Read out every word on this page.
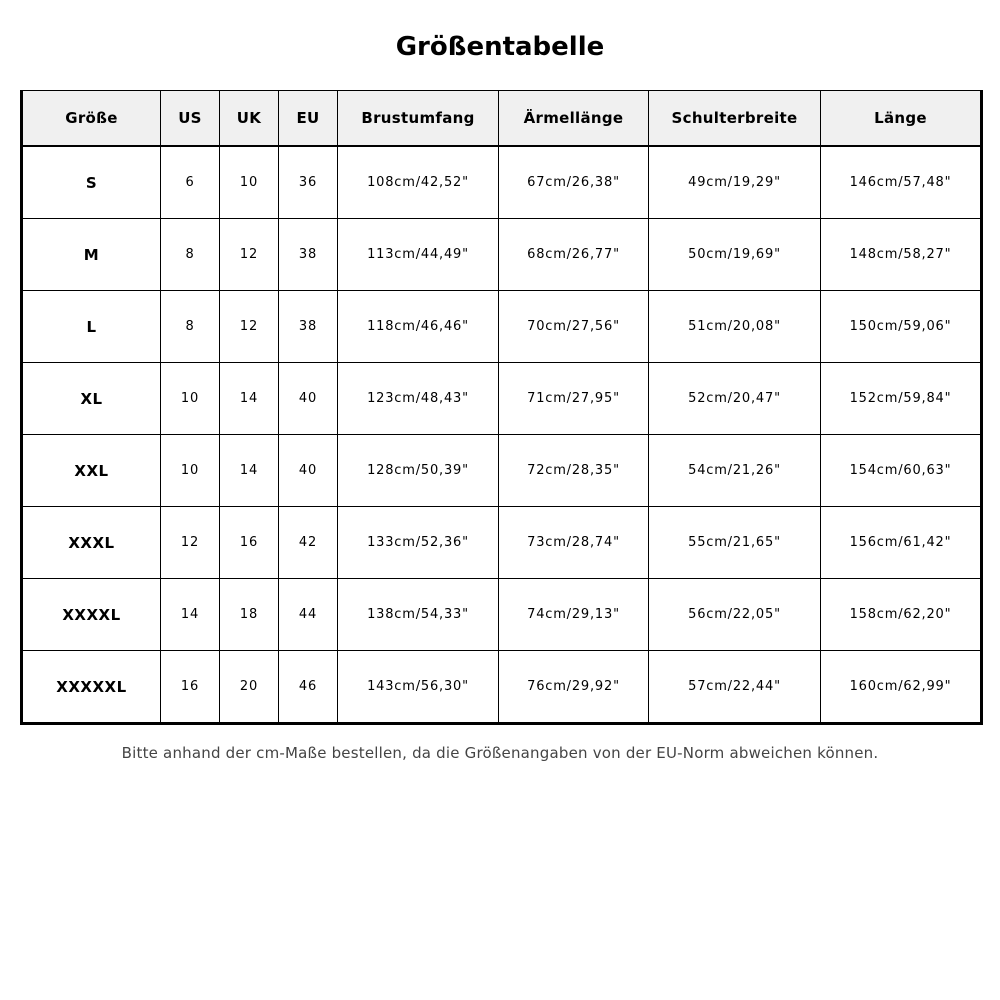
Größentabelle
Größe	US	UK	EU	Brustumfang	Ärmellänge	Schulterbreite	Länge
S	6	10	36	108cm/42,52"	67cm/26,38"	49cm/19,29"	146cm/57,48"
M	8	12	38	113cm/44,49"	68cm/26,77"	50cm/19,69"	148cm/58,27"
L	8	12	38	118cm/46,46"	70cm/27,56"	51cm/20,08"	150cm/59,06"
XL	10	14	40	123cm/48,43"	71cm/27,95"	52cm/20,47"	152cm/59,84"
XXL	10	14	40	128cm/50,39"	72cm/28,35"	54cm/21,26"	154cm/60,63"
XXXL	12	16	42	133cm/52,36"	73cm/28,74"	55cm/21,65"	156cm/61,42"
XXXXL	14	18	44	138cm/54,33"	74cm/29,13"	56cm/22,05"	158cm/62,20"
XXXXXL	16	20	46	143cm/56,30"	76cm/29,92"	57cm/22,44"	160cm/62,99"
Bitte anhand der cm-Maße bestellen, da die Größenangaben von der EU-Norm abweichen können.
